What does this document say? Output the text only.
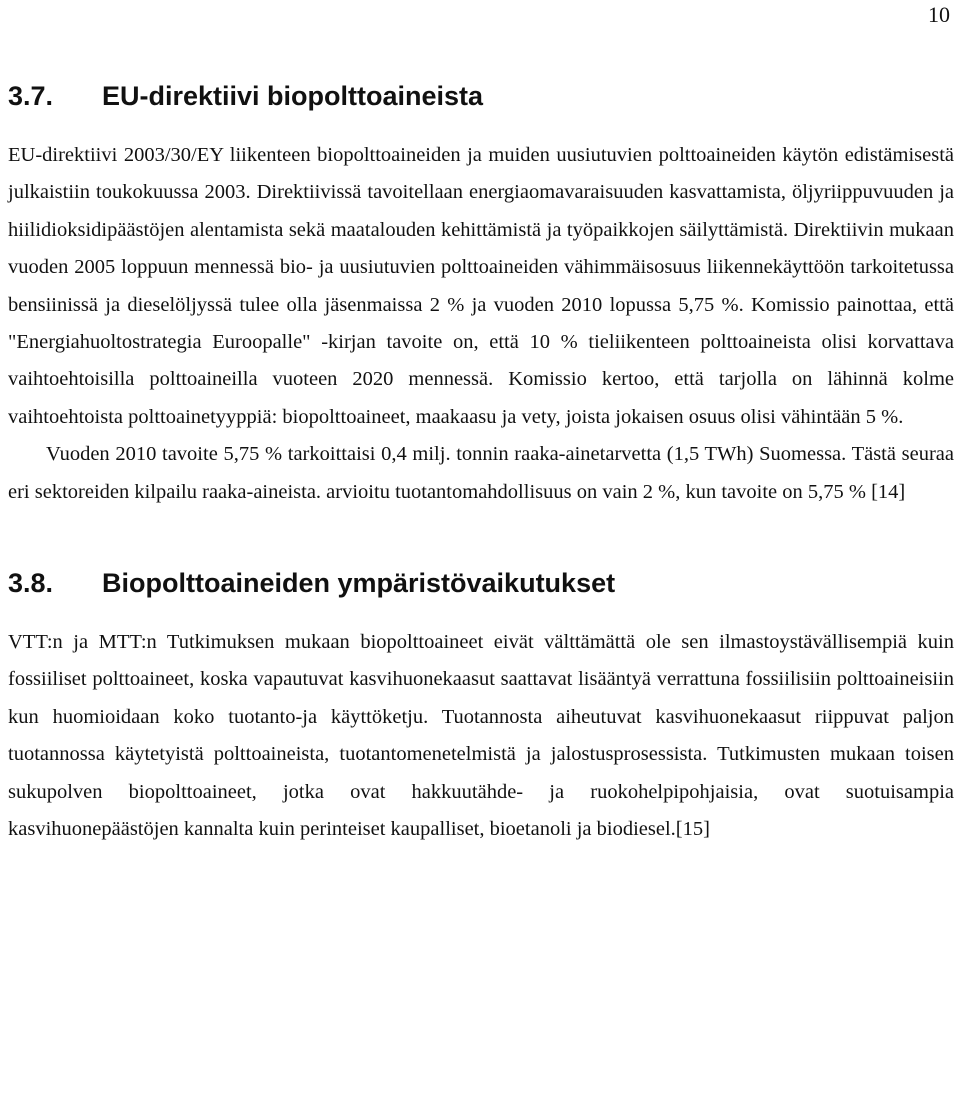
10
3.7.	EU-direktiivi biopolttoaineista

EU-direktiivi 2003/30/EY liikenteen biopolttoaineiden ja muiden uusiutuvien polttoaineiden käytön edistämisestä julkaistiin toukokuussa 2003. Direktiivissä tavoitellaan energiaomavaraisuuden kasvattamista, öljyriippuvuuden ja hiilidioksidipäästöjen alentamista sekä maatalouden kehittämistä ja työpaikkojen säilyttämistä. Direktiivin mukaan vuoden 2005 loppuun mennessä bio- ja uusiutuvien polttoaineiden vähimmäisosuus liikennekäyttöön tarkoitetussa bensiinissä ja dieselöljyssä tulee olla jäsenmaissa 2 % ja vuoden 2010 lopussa 5,75 %. Komissio painottaa, että "Energiahuoltostrategia Euroopalle" -kirjan tavoite on, että 10 % tieliikenteen polttoaineista olisi korvattava vaihtoehtoisilla polttoaineilla vuoteen 2020 mennessä. Komissio kertoo, että tarjolla on lähinnä kolme vaihtoehtoista polttoainetyyppiä: biopolttoaineet, maakaasu ja vety, joista jokaisen osuus olisi vähintään 5 %.

Vuoden 2010 tavoite 5,75 % tarkoittaisi 0,4 milj. tonnin raaka-ainetarvetta (1,5 TWh) Suomessa. Tästä seuraa eri sektoreiden kilpailu raaka-aineista. arvioitu tuotantomahdollisuus on vain 2 %, kun tavoite on 5,75 % [14]

3.8.	Biopolttoaineiden ympäristövaikutukset

VTT:n ja MTT:n Tutkimuksen mukaan biopolttoaineet eivät välttämättä ole sen ilmastoystävällisempiä kuin fossiiliset polttoaineet, koska vapautuvat kasvihuonekaasut saattavat lisääntyä verrattuna fossiilisiin polttoaineisiin kun huomioidaan koko tuotanto-ja käyttöketju. Tuotannosta aiheutuvat kasvihuonekaasut riippuvat paljon tuotannossa käytetyistä polttoaineista, tuotantomenetelmistä ja jalostusprosessista. Tutkimusten mukaan toisen sukupolven biopolttoaineet, jotka ovat hakkuutähde- ja ruokohelpipohjaisia, ovat suotuisampia kasvihuonepäästöjen kannalta kuin perinteiset kaupalliset, bioetanoli ja biodiesel.[15]
